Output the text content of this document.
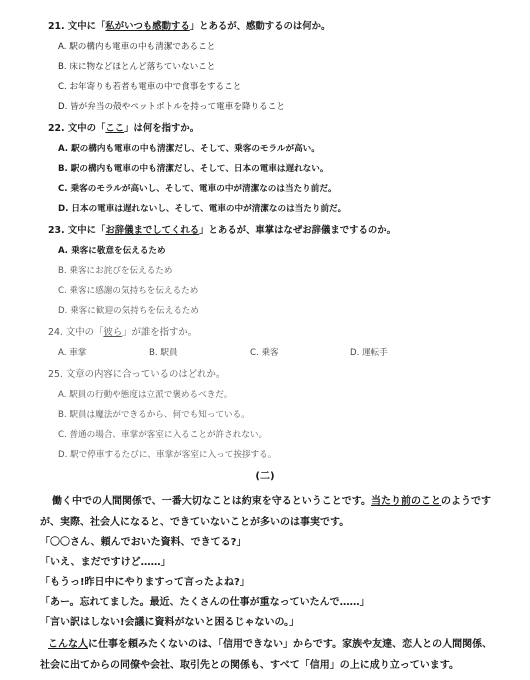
21. 文中に「私がいつも感動する」とあるが、感動するのは何か。
A. 駅の構内も電車の中も清潔であること
B. 床に物などほとんど落ちていないこと
C. お年寄りも若者も電車の中で食事をすること
D. 皆が弁当の殻やペットボトルを持って電車を降りること
22. 文中の「ここ」は何を指すか。
A. 駅の構内も電車の中も清潔だし、そして、乗客のモラルが高い。
B. 駅の構内も電車の中も清潔だし、そして、日本の電車は遅れない。
C. 乗客のモラルが高いし、そして、電車の中が清潔なのは当たり前だ。
D. 日本の電車は遅れないし、そして、電車の中が清潔なのは当たり前だ。
23. 文中に「お辞儀までしてくれる」とあるが、車掌はなぜお辞儀までするのか。
A. 乗客に敬意を伝えるため
B. 乗客にお詫びを伝えるため
C. 乗客に感謝の気持ちを伝えるため
D. 乗客に歓迎の気持ちを伝えるため
24. 文中の「彼ら」が誰を指すか。
A. 車掌	B. 駅員	C. 乗客	D. 運転手
25. 文章の内容に合っているのはどれか。
A. 駅員の行動や態度は立派で褒めるべきだ。
B. 駅員は魔法ができるから、何でも知っている。
C. 普通の場合、車掌が客室に入ることが許されない。
D. 駅で停車するたびに、車掌が客室に入って挨拶する。
(二)
働く中での人間関係で、一番大切なことは約束を守るということです。当たり前のことのようです
が、実際、社会人になると、できていないことが多いのは事実です。
「〇〇さん、頼んでおいた資料、できてる?」
「いえ、まだですけど……」
「もうっ!昨日中にやりますって言ったよね?」
「あー。忘れてました。最近、たくさんの仕事が重なっていたんで……」
「言い訳はしない!会議に資料がないと困るじゃないの。」
こんな人に仕事を頼みたくないのは、「信用できない」からです。家族や友達、恋人との人間関係、
社会に出てからの同僚や会社、取引先との関係も、すべて「信用」の上に成り立っています。
